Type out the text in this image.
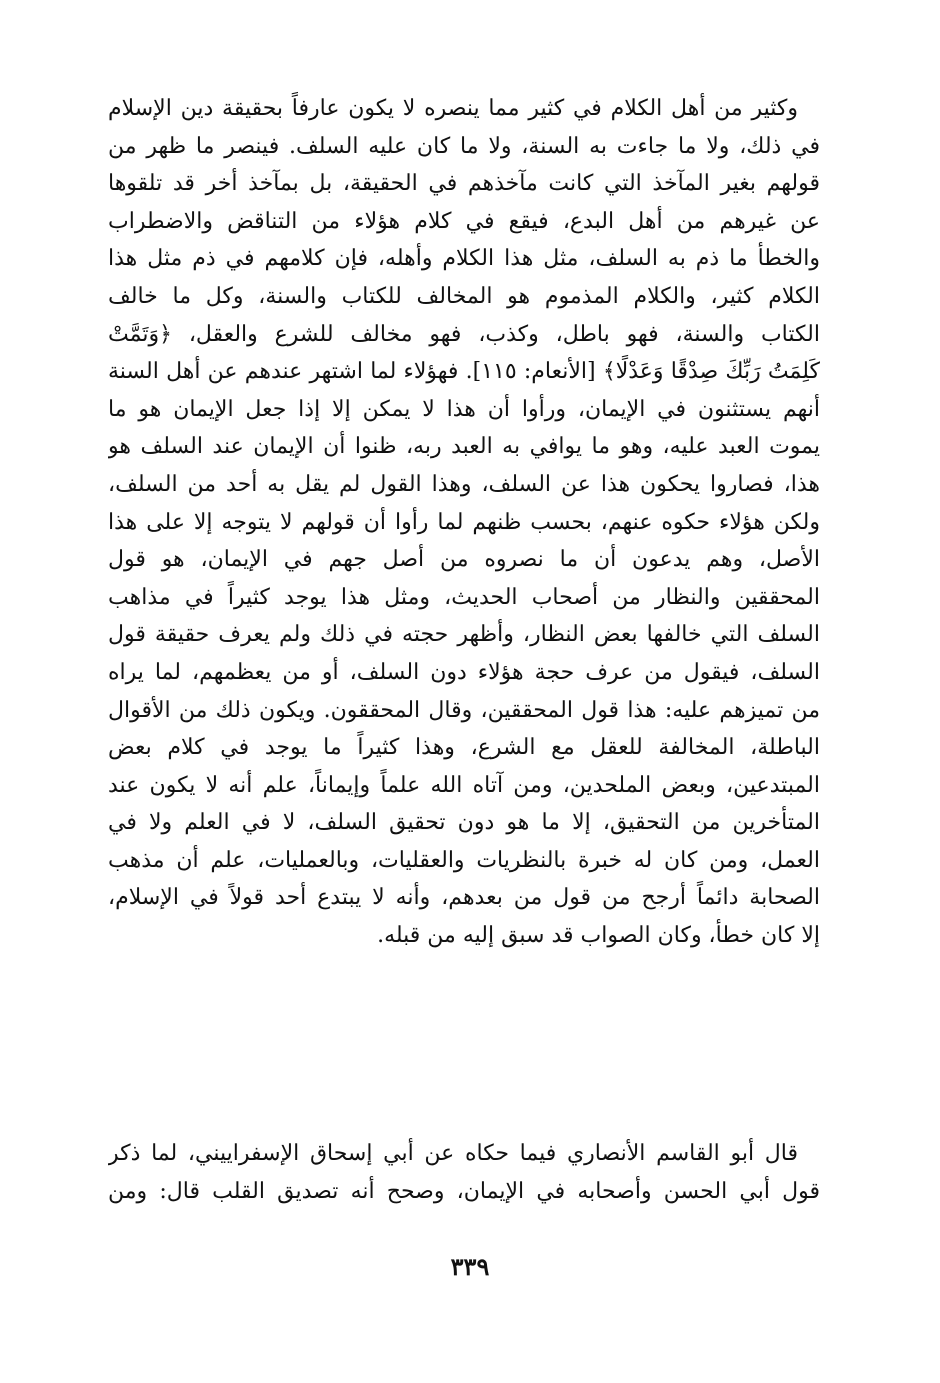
وكثير من أهل الكلام في كثير مما ينصره لا يكون عارفاً بحقيقة دين الإسلام
في ذلك، ولا ما جاءت به السنة، ولا ما كان عليه السلف. فينصر ما ظهر من
قولهم بغير المآخذ التي كانت مآخذهم في الحقيقة، بل بمآخذ أخر قد تلقوها
عن غيرهم من أهل البدع، فيقع في كلام هؤلاء من التناقض والاضطراب
والخطأ ما ذم به السلف، مثل هذا الكلام وأهله، فإن كلامهم في ذم مثل هذا
الكلام كثير، والكلام المذموم هو المخالف للكتاب والسنة، وكل ما خالف
الكتاب والسنة، فهو باطل، وكذب، فهو مخالف للشرع والعقل، ﴿وَتَمَّتْ
كَلِمَتُ رَبِّكَ صِدْقًا وَعَدْلًا﴾ [الأنعام: ١١٥]. فهؤلاء لما اشتهر عندهم عن أهل السنة
أنهم يستثنون في الإيمان، ورأوا أن هذا لا يمكن إلا إذا جعل الإيمان هو ما
يموت العبد عليه، وهو ما يوافي به العبد ربه، ظنوا أن الإيمان عند السلف هو
هذا، فصاروا يحكون هذا عن السلف، وهذا القول لم يقل به أحد من السلف،
ولكن هؤلاء حكوه عنهم، بحسب ظنهم لما رأوا أن قولهم لا يتوجه إلا على هذا
الأصل، وهم يدعون أن ما نصروه من أصل جهم في الإيمان، هو قول
المحققين والنظار من أصحاب الحديث، ومثل هذا يوجد كثيراً في مذاهب
السلف التي خالفها بعض النظار، وأظهر حجته في ذلك ولم يعرف حقيقة قول
السلف، فيقول من عرف حجة هؤلاء دون السلف، أو من يعظمهم، لما يراه
من تميزهم عليه: هذا قول المحققين، وقال المحققون. ويكون ذلك من الأقوال
الباطلة، المخالفة للعقل مع الشرع، وهذا كثيراً ما يوجد في كلام بعض
المبتدعين، وبعض الملحدين، ومن آتاه الله علماً وإيماناً، علم أنه لا يكون عند
المتأخرين من التحقيق، إلا ما هو دون تحقيق السلف، لا في العلم ولا في
العمل، ومن كان له خبرة بالنظريات والعقليات، وبالعمليات، علم أن مذهب
الصحابة دائماً أرجح من قول من بعدهم، وأنه لا يبتدع أحد قولاً في الإسلام،
إلا كان خطأ، وكان الصواب قد سبق إليه من قبله.
قال أبو القاسم الأنصاري فيما حكاه عن أبي إسحاق الإسفراييني، لما ذكر
قول أبي الحسن وأصحابه في الإيمان، وصحح أنه تصديق القلب قال: ومن
٣٣٩
